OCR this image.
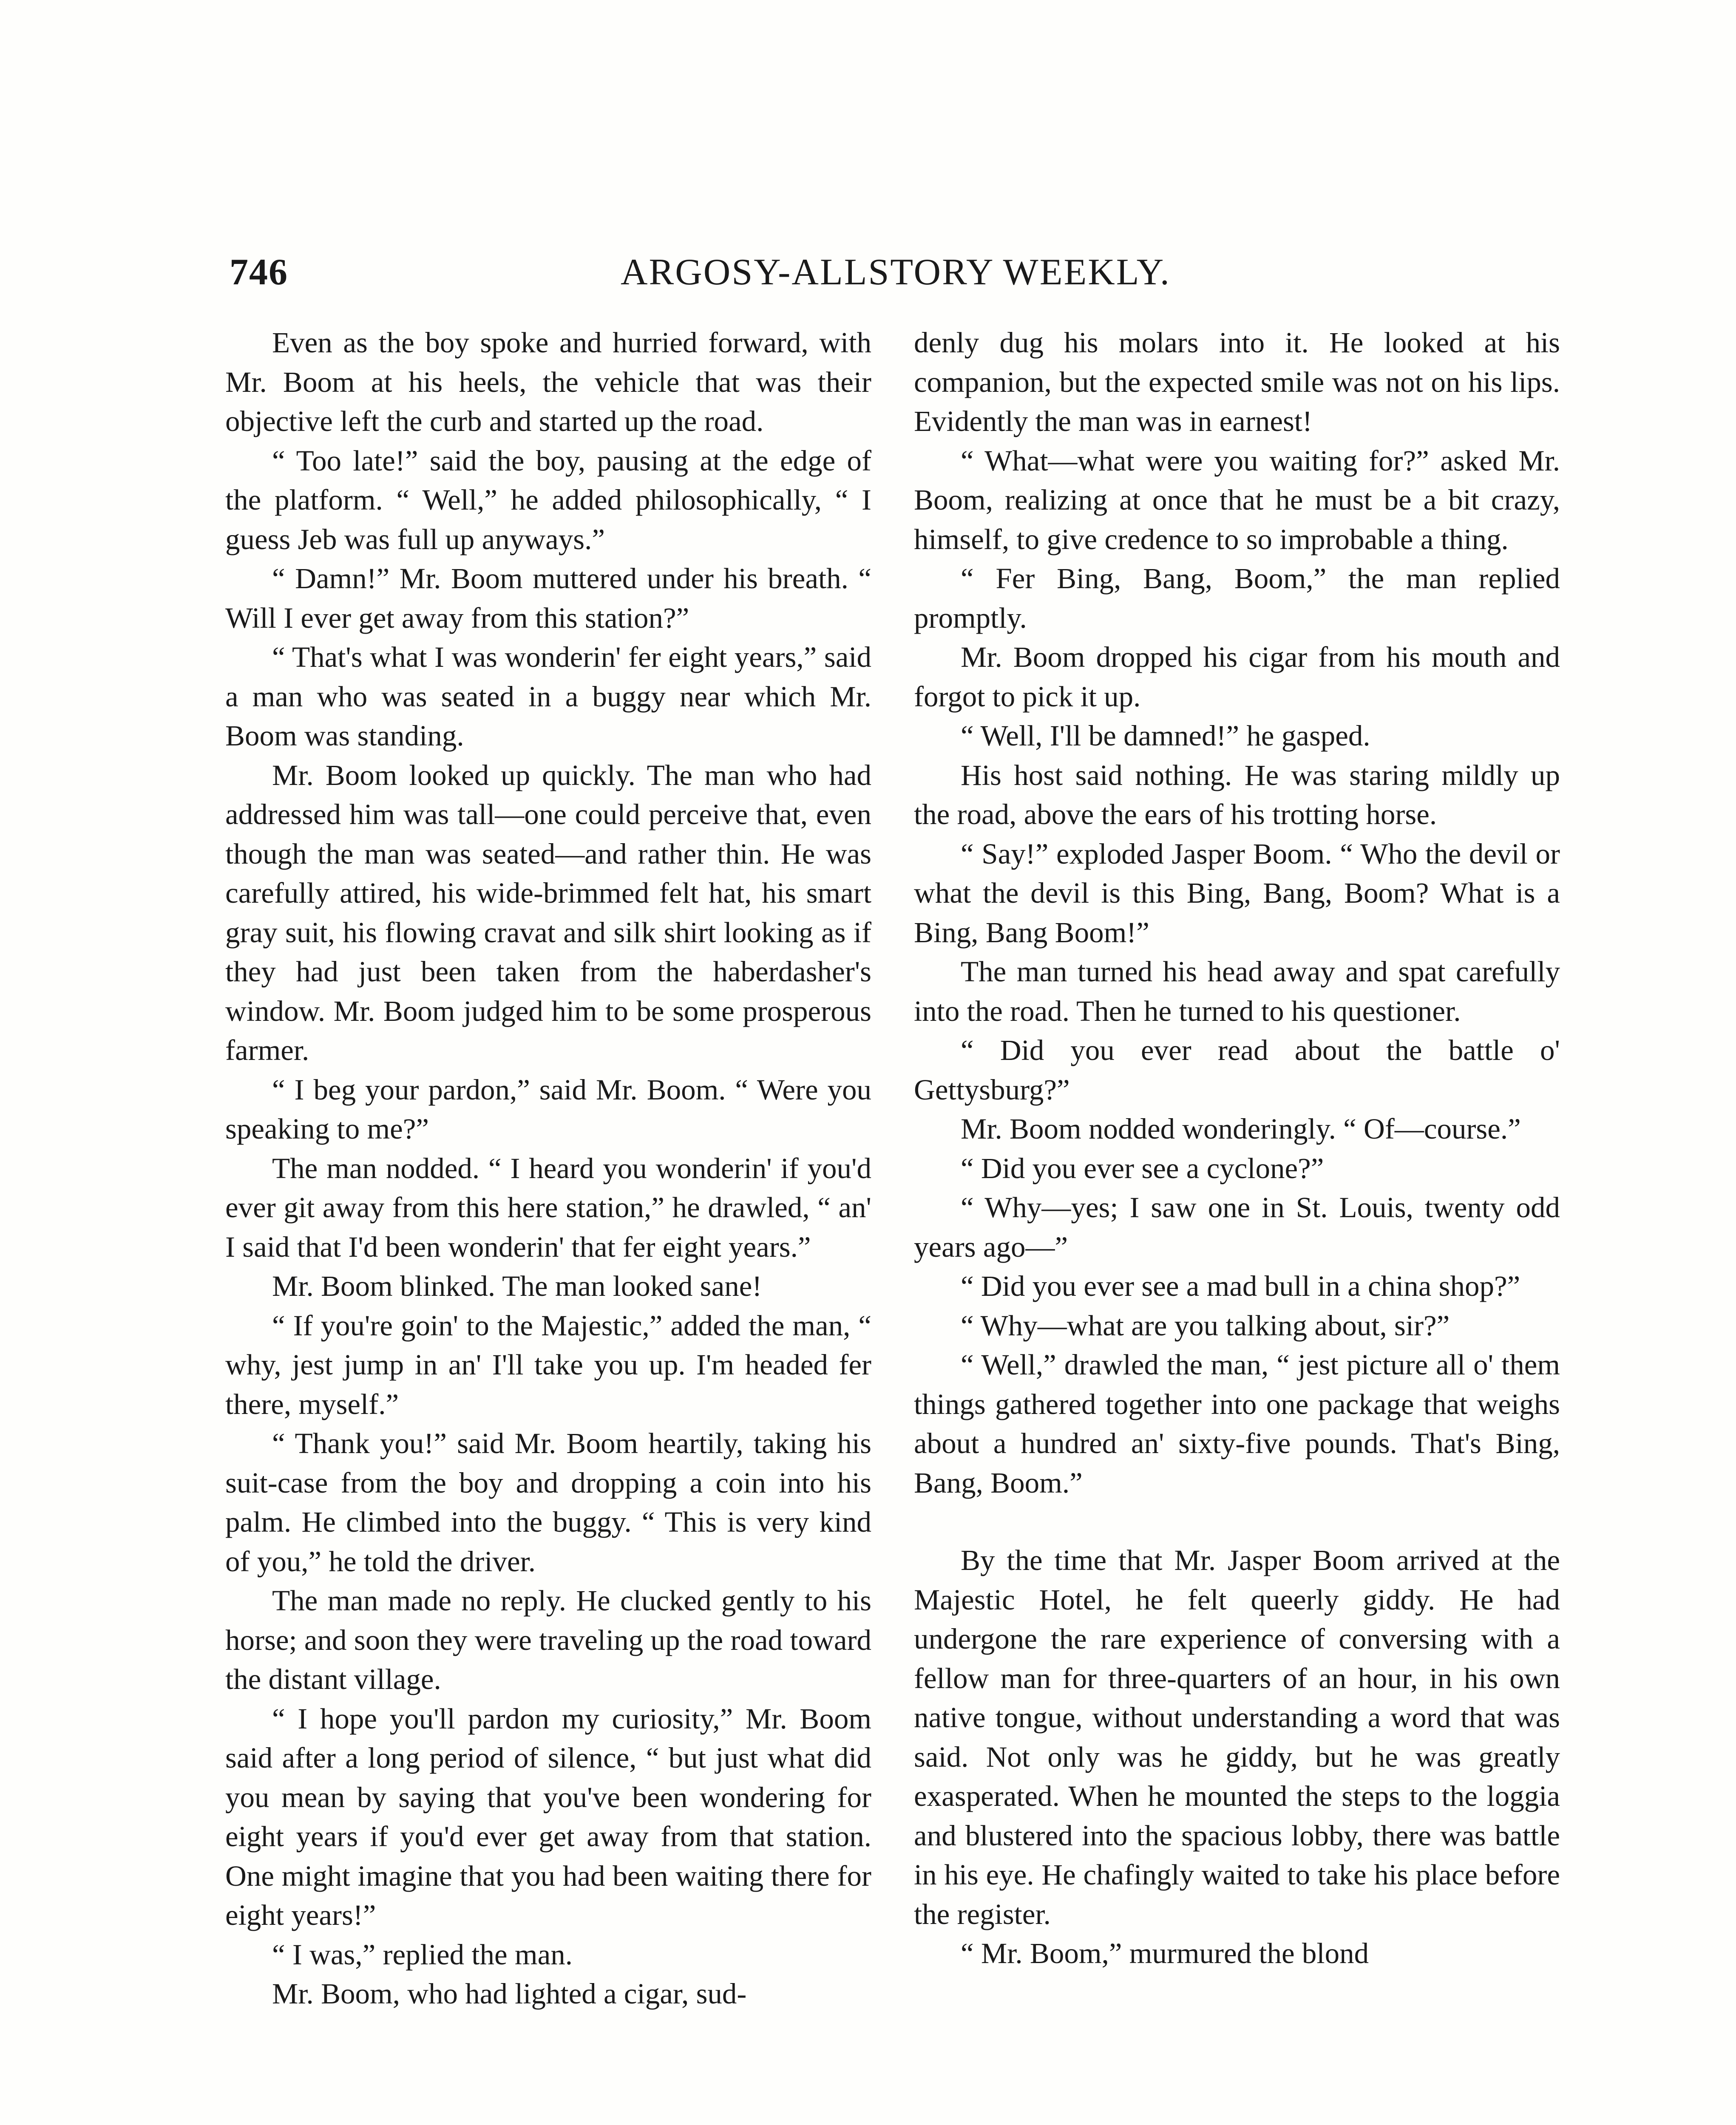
746	ARGOSY-ALLSTORY WEEKLY.

Even as the boy spoke and hurried forward, with Mr. Boom at his heels, the vehicle that was their objective left the curb and started up the road.

“ Too late!” said the boy, pausing at the edge of the platform. “ Well,” he added philosophically, “ I guess Jeb was full up anyways.”

“ Damn!” Mr. Boom muttered under his breath. “ Will I ever get away from this station?”

“ That's what I was wonderin' fer eight years,” said a man who was seated in a buggy near which Mr. Boom was standing.

Mr. Boom looked up quickly. The man who had addressed him was tall—one could perceive that, even though the man was seated—and rather thin. He was carefully attired, his wide-brimmed felt hat, his smart gray suit, his flowing cravat and silk shirt looking as if they had just been taken from the haberdasher's window. Mr. Boom judged him to be some prosperous farmer.

“ I beg your pardon,” said Mr. Boom. “ Were you speaking to me?”

The man nodded. “ I heard you wonderin' if you'd ever git away from this here station,” he drawled, “ an' I said that I'd been wonderin' that fer eight years.”

Mr. Boom blinked. The man looked sane!

“ If you're goin' to the Majestic,” added the man, “ why, jest jump in an' I'll take you up. I'm headed fer there, myself.”

“ Thank you!” said Mr. Boom heartily, taking his suit-case from the boy and dropping a coin into his palm. He climbed into the buggy. “ This is very kind of you,” he told the driver.

The man made no reply. He clucked gently to his horse; and soon they were traveling up the road toward the distant village.

“ I hope you'll pardon my curiosity,” Mr. Boom said after a long period of silence, “ but just what did you mean by saying that you've been wondering for eight years if you'd ever get away from that station. One might imagine that you had been waiting there for eight years!”

“ I was,” replied the man.

Mr. Boom, who had lighted a cigar, sud-

denly dug his molars into it. He looked at his companion, but the expected smile was not on his lips. Evidently the man was in earnest!

“ What—what were you waiting for?” asked Mr. Boom, realizing at once that he must be a bit crazy, himself, to give credence to so improbable a thing.

“ Fer Bing, Bang, Boom,” the man replied promptly.

Mr. Boom dropped his cigar from his mouth and forgot to pick it up.

“ Well, I'll be damned!” he gasped.

His host said nothing. He was staring mildly up the road, above the ears of his trotting horse.

“ Say!” exploded Jasper Boom. “ Who the devil or what the devil is this Bing, Bang, Boom? What is a Bing, Bang Boom!”

The man turned his head away and spat carefully into the road. Then he turned to his questioner.

“ Did you ever read about the battle o' Gettysburg?”

Mr. Boom nodded wonderingly. “ Of—course.”

“ Did you ever see a cyclone?”

“ Why—yes; I saw one in St. Louis, twenty odd years ago—”

“ Did you ever see a mad bull in a china shop?”

“ Why—what are you talking about, sir?”

“ Well,” drawled the man, “ jest picture all o' them things gathered together into one package that weighs about a hundred an' sixty-five pounds. That's Bing, Bang, Boom.”

By the time that Mr. Jasper Boom arrived at the Majestic Hotel, he felt queerly giddy. He had undergone the rare experience of conversing with a fellow man for three-quarters of an hour, in his own native tongue, without understanding a word that was said. Not only was he giddy, but he was greatly exasperated. When he mounted the steps to the loggia and blustered into the spacious lobby, there was battle in his eye. He chafingly waited to take his place before the register.

“ Mr. Boom,” murmured the blond
